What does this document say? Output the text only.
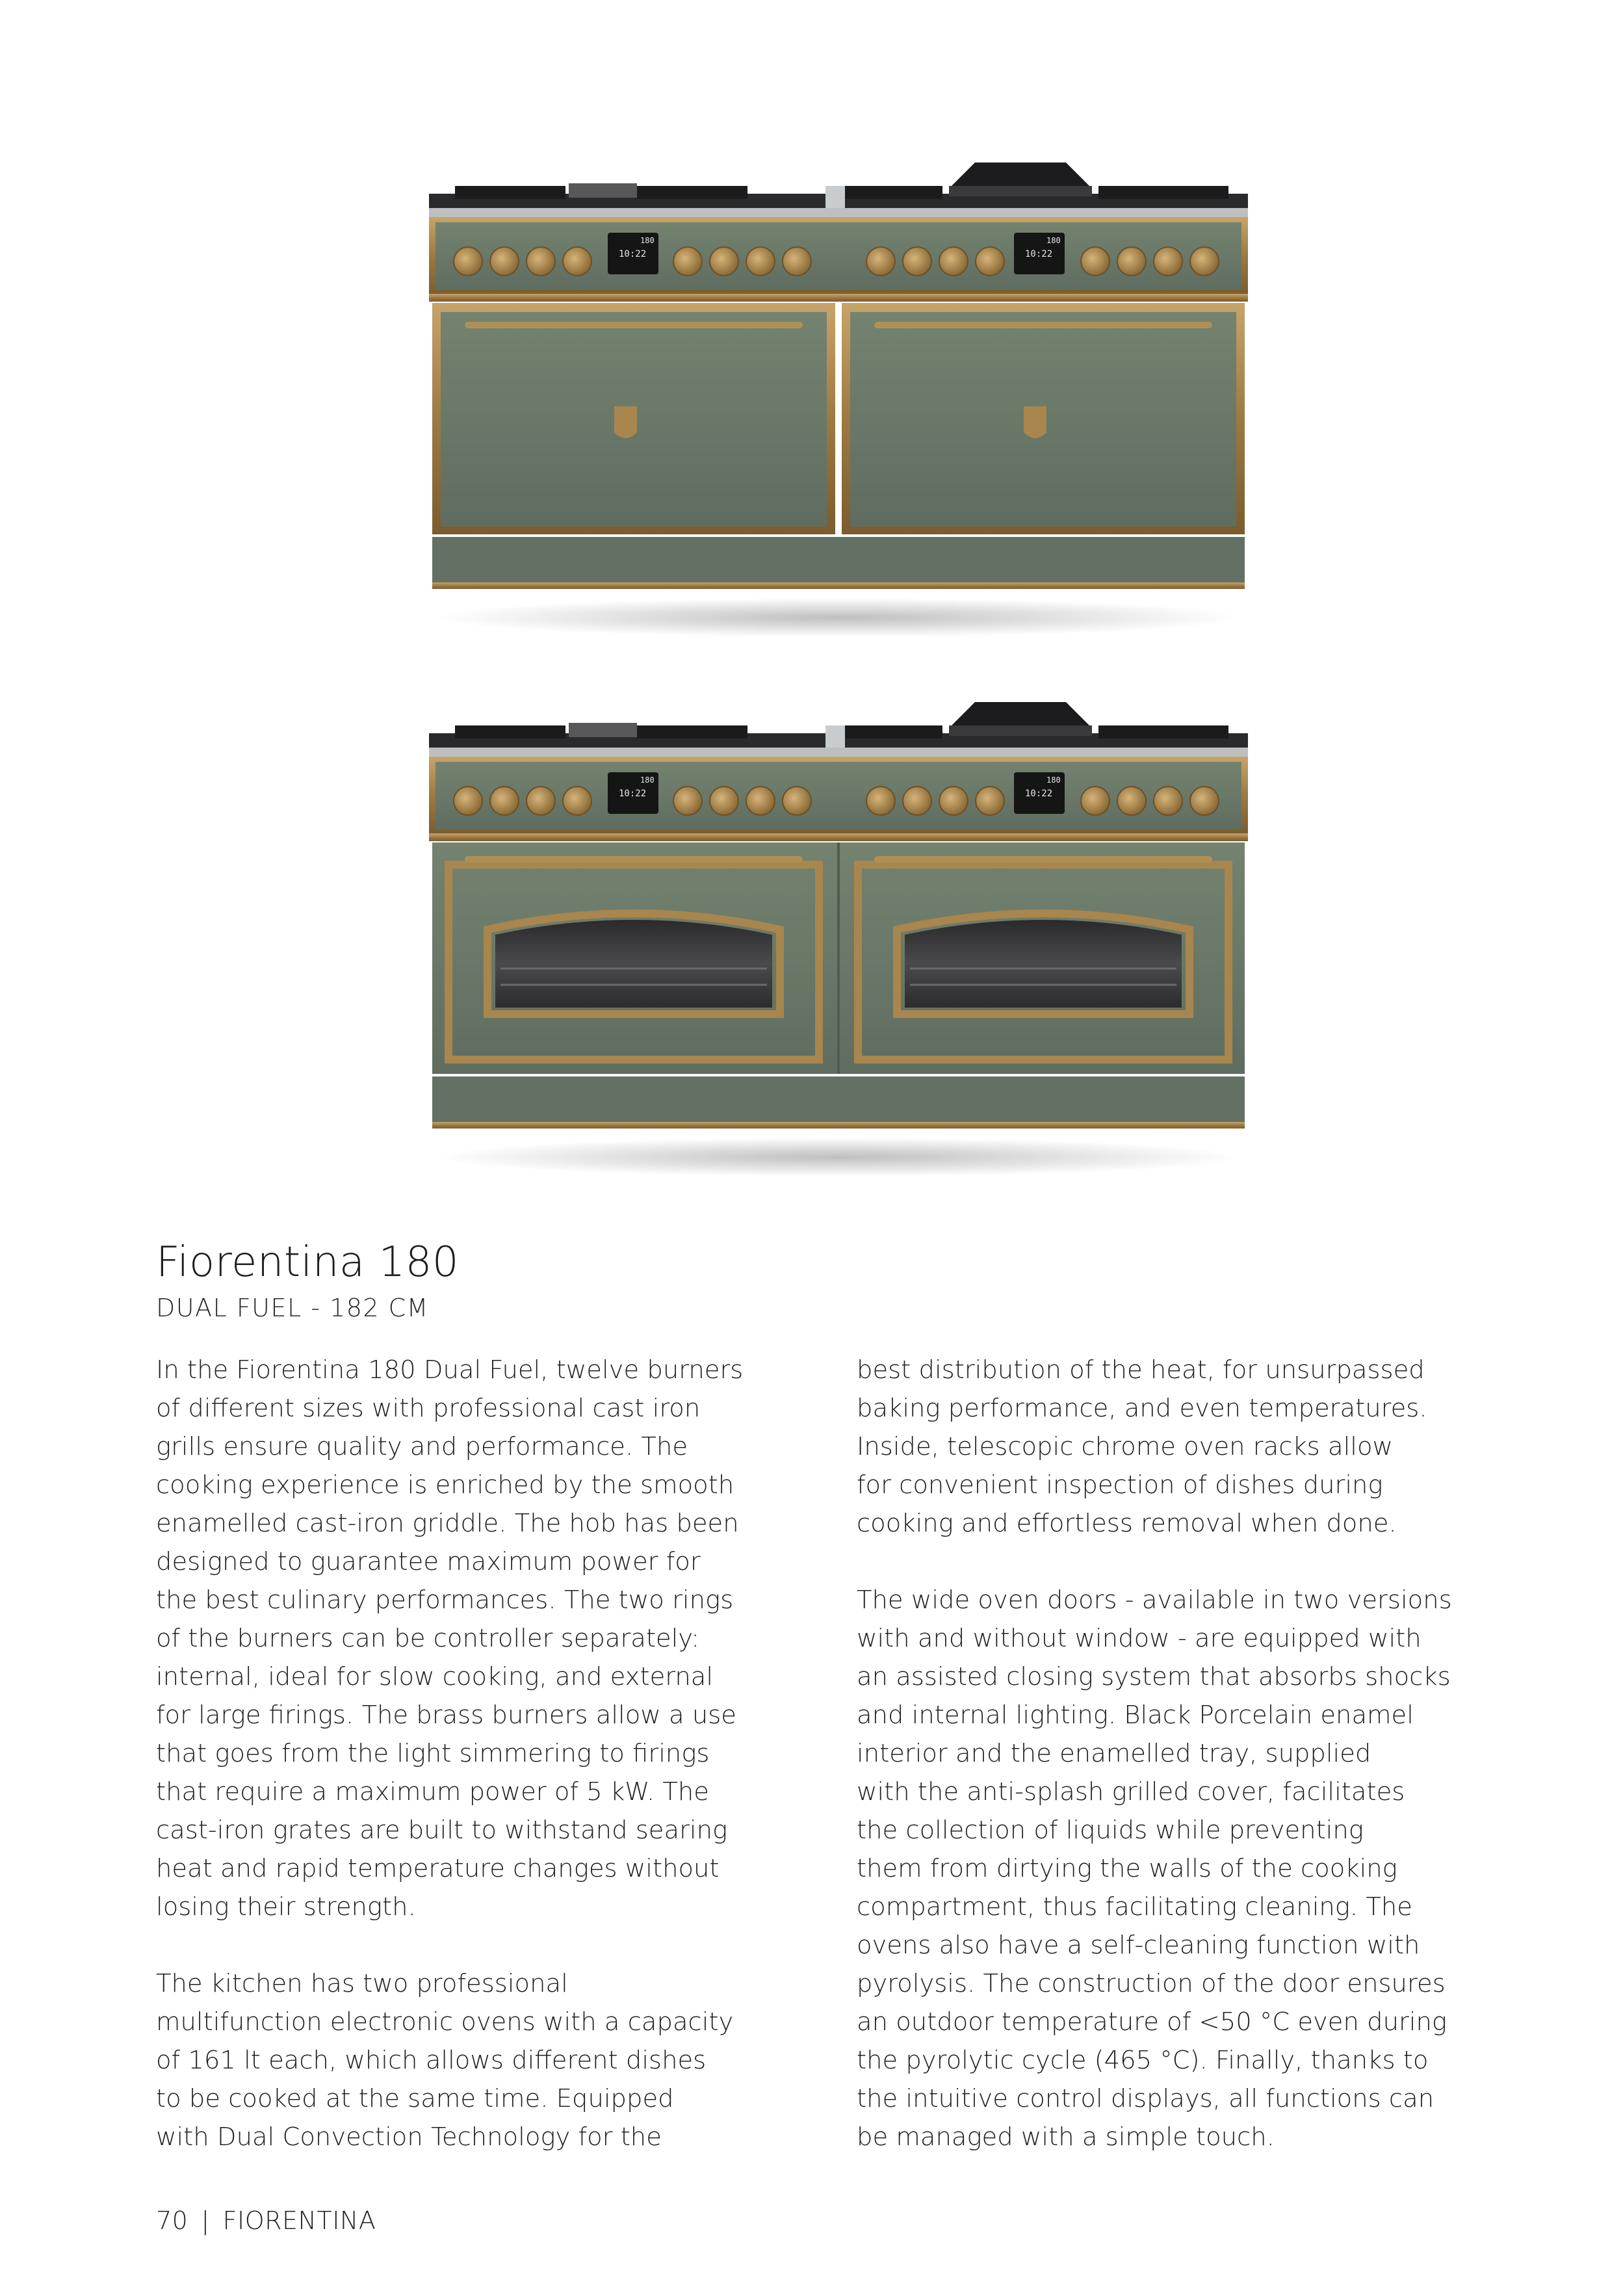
10:22
180
10:22
180
10:22
180
10:22
180
Fiorentina 180
DUAL FUEL - 182 CM
In the Fiorentina 180 Dual Fuel, twelve burners
of different sizes with professional cast iron
grills ensure quality and performance. The
cooking experience is enriched by the smooth
enamelled cast-iron griddle. The hob has been
designed to guarantee maximum power for
the best culinary performances. The two rings
of the burners can be controller separately:
internal, ideal for slow cooking, and external
for large firings. The brass burners allow a use
that goes from the light simmering to firings
that require a maximum power of 5 kW. The
cast-iron grates are built to withstand searing
heat and rapid temperature changes without
losing their strength.
The kitchen has two professional
multifunction electronic ovens with a capacity
of 161 lt each, which allows different dishes
to be cooked at the same time. Equipped
with Dual Convection Technology for the
best distribution of the heat, for unsurpassed
baking performance, and even temperatures.
Inside, telescopic chrome oven racks allow
for convenient inspection of dishes during
cooking and effortless removal when done.
The wide oven doors - available in two versions
with and without window - are equipped with
an assisted closing system that absorbs shocks
and internal lighting. Black Porcelain enamel
interior and the enamelled tray, supplied
with the anti-splash grilled cover, facilitates
the collection of liquids while preventing
them from dirtying the walls of the cooking
compartment, thus facilitating cleaning. The
ovens also have a self-cleaning function with
pyrolysis. The construction of the door ensures
an outdoor temperature of <50 °C even during
the pyrolytic cycle (465 °C). Finally, thanks to
the intuitive control displays, all functions can
be managed with a simple touch.
70 | FIORENTINA
